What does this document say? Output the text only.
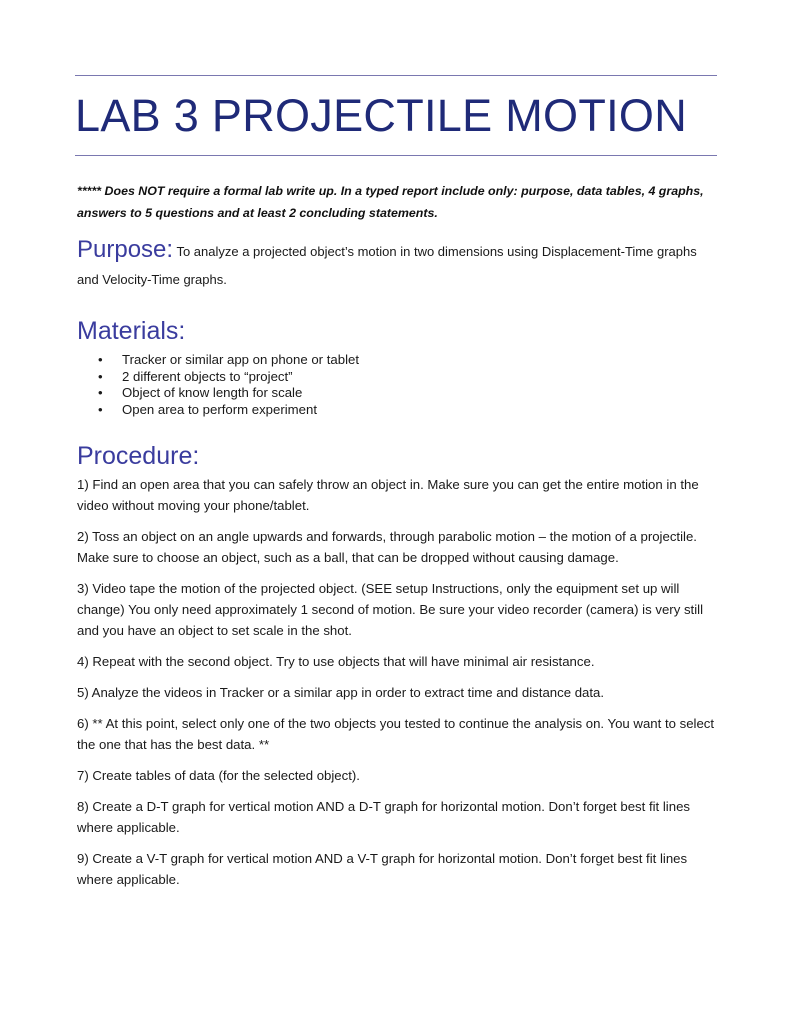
LAB 3 PROJECTILE MOTION

***** Does NOT require a formal lab write up. In a typed report include only: purpose, data tables, 4 graphs, answers to 5 questions and at least 2 concluding statements.

Purpose: To analyze a projected object’s motion in two dimensions using Displacement-Time graphs and Velocity-Time graphs.

Materials:
• Tracker or similar app on phone or tablet
• 2 different objects to “project”
• Object of know length for scale
• Open area to perform experiment
Procedure:

1) Find an open area that you can safely throw an object in. Make sure you can get the entire motion in the video without moving your phone/tablet.

2) Toss an object on an angle upwards and forwards, through parabolic motion – the motion of a projectile. Make sure to choose an object, such as a ball, that can be dropped without causing damage.

3) Video tape the motion of the projected object. (SEE setup Instructions, only the equipment set up will change) You only need approximately 1 second of motion. Be sure your video recorder (camera) is very still and you have an object to set scale in the shot.

4) Repeat with the second object. Try to use objects that will have minimal air resistance.

5) Analyze the videos in Tracker or a similar app in order to extract time and distance data.

6) ** At this point, select only one of the two objects you tested to continue the analysis on. You want to select the one that has the best data. **

7) Create tables of data (for the selected object).

8) Create a D-T graph for vertical motion AND a D-T graph for horizontal motion. Don’t forget best fit lines where applicable.

9) Create a V-T graph for vertical motion AND a V-T graph for horizontal motion. Don’t forget best fit lines where applicable.
